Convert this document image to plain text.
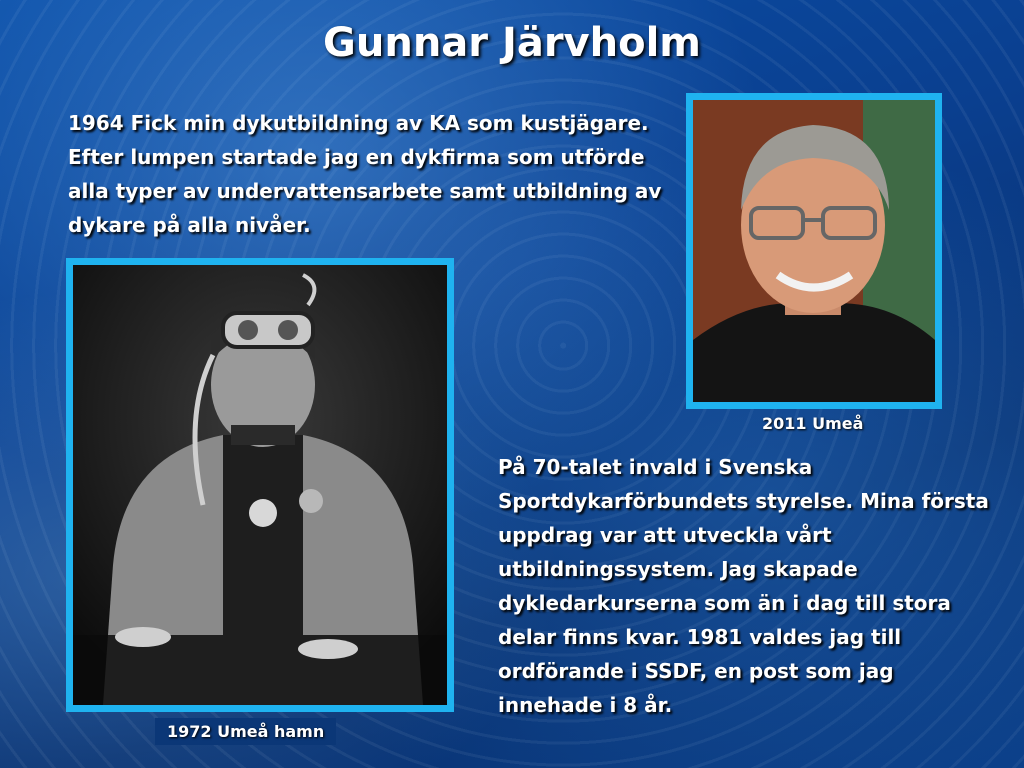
Gunnar Järvholm
1964 Fick min dykutbildning av KA som kustjägare. Efter lumpen startade jag en dykfirma som utförde alla typer av undervattensarbete samt utbildning av dykare på alla nivåer.
1972 Umeå hamn
2011 Umeå
På 70-talet invald i Svenska Sportdykarförbundets styrelse. Mina första uppdrag var att utveckla vårt utbildningssystem. Jag skapade dykledarkurserna som än i dag till stora delar finns kvar. 1981 valdes jag till ordförande i SSDF, en post som jag innehade i 8 år.
